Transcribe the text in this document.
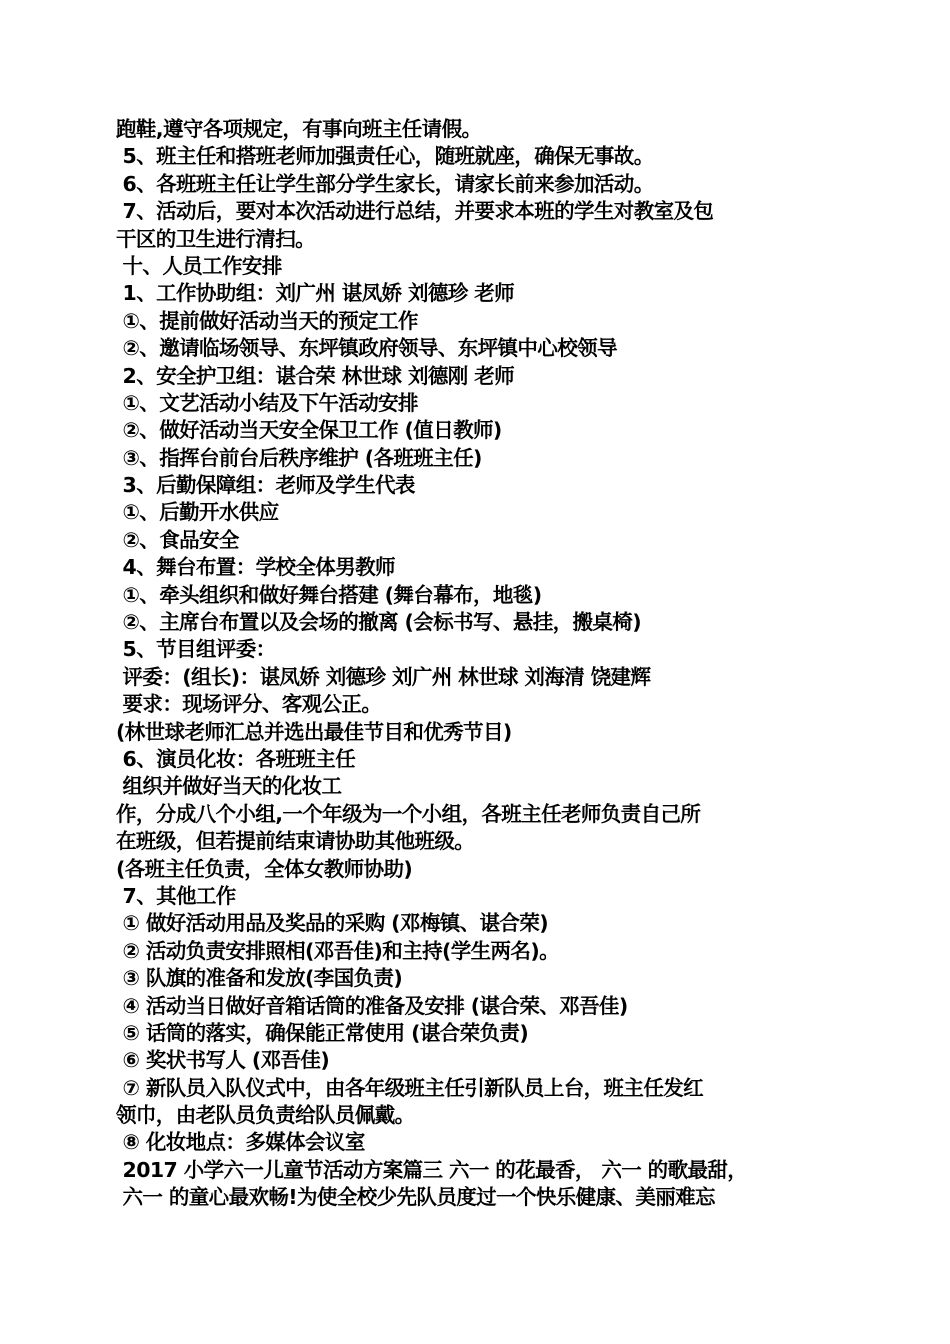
跑鞋,遵守各项规定，有事向班主任请假。
5、班主任和搭班老师加强责任心，随班就座，确保无事故。
6、各班班主任让学生部分学生家长，请家长前来参加活动。
7、活动后，要对本次活动进行总结，并要求本班的学生对教室及包
干区的卫生进行清扫。
十、人员工作安排
1、工作协助组：刘广州 谌凤娇 刘德珍 老师
①、提前做好活动当天的预定工作
②、邀请临场领导、东坪镇政府领导、东坪镇中心校领导
2、安全护卫组：谌合荣 林世球 刘德刚 老师
①、文艺活动小结及下午活动安排
②、做好活动当天安全保卫工作 (值日教师)
③、指挥台前台后秩序维护 (各班班主任)
3、后勤保障组：老师及学生代表
①、后勤开水供应
②、食品安全
4、舞台布置：学校全体男教师
①、牵头组织和做好舞台搭建 (舞台幕布，地毯)
②、主席台布置以及会场的撤离 (会标书写、悬挂，搬桌椅)
5、节目组评委：
评委：(组长)：谌凤娇 刘德珍 刘广州 林世球 刘海清 饶建辉
要求：现场评分、客观公正。
(林世球老师汇总并选出最佳节目和优秀节目)
6、演员化妆：各班班主任
组织并做好当天的化妆工
作，分成八个小组,一个年级为一个小组，各班主任老师负责自己所
在班级，但若提前结束请协助其他班级。
(各班主任负责，全体女教师协助)
7、其他工作
① 做好活动用品及奖品的采购 (邓梅镇、谌合荣)
② 活动负责安排照相(邓吾佳)和主持(学生两名)。
③ 队旗的准备和发放(李国负责)
④ 活动当日做好音箱话筒的准备及安排 (谌合荣、邓吾佳)
⑤ 话筒的落实，确保能正常使用 (谌合荣负责)
⑥ 奖状书写人 (邓吾佳)
⑦ 新队员入队仪式中，由各年级班主任引新队员上台，班主任发红
领巾，由老队员负责给队员佩戴。
⑧ 化妆地点：多媒体会议室
2017 小学六一儿童节活动方案篇三 六一 的花最香， 六一 的歌最甜，
六一 的童心最欢畅!为使全校少先队员度过一个快乐健康、美丽难忘
